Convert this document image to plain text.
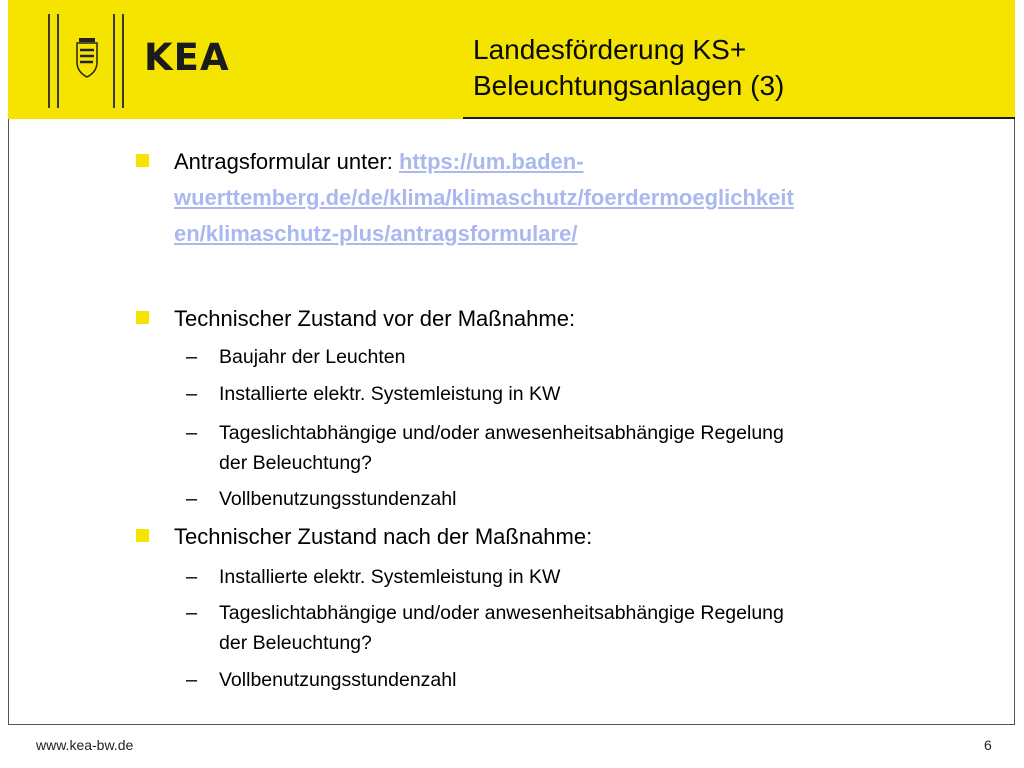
KEA	Landesförderung KS+
Beleuchtungsanlagen (3)
Antragsformular unter: https://um.baden-
wuerttemberg.de/de/klima/klimaschutz/foerdermoeglichkeit
en/klimaschutz-plus/antragsformulare/
Technischer Zustand vor der Maßnahme:
– Baujahr der Leuchten
– Installierte elektr. Systemleistung in KW
– Tageslichtabhängige und/oder anwesenheitsabhängige Regelung
der Beleuchtung?
– Vollbenutzungsstundenzahl
Technischer Zustand nach der Maßnahme:
– Installierte elektr. Systemleistung in KW
– Tageslichtabhängige und/oder anwesenheitsabhängige Regelung
der Beleuchtung?
– Vollbenutzungsstundenzahl
www.kea-bw.de	6
